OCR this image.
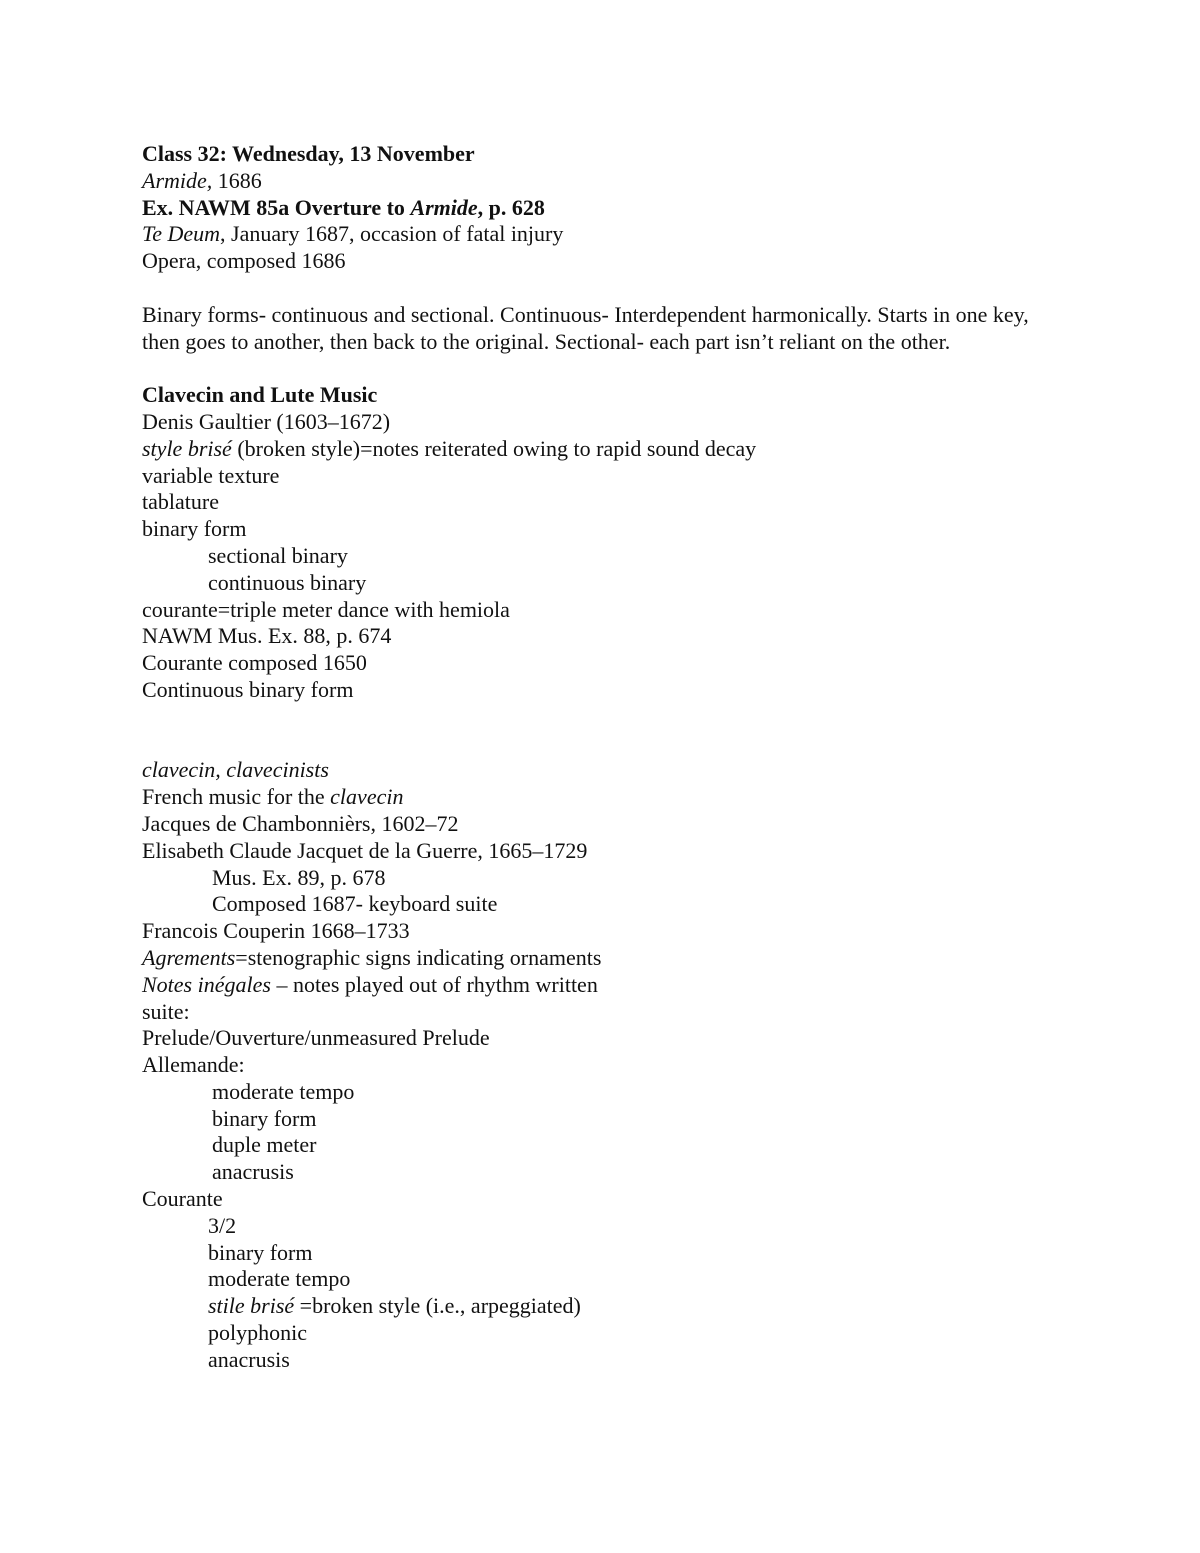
Class 32: Wednesday, 13 November
Armide, 1686
Ex. NAWM 85a Overture to Armide, p. 628
Te Deum, January 1687, occasion of fatal injury
Opera, composed 1686
Binary forms- continuous and sectional. Continuous- Interdependent harmonically. Starts in one key, then goes to another, then back to the original. Sectional- each part isn’t reliant on the other.
Clavecin and Lute Music
Denis Gaultier (1603–1672)
style brisé (broken style)=notes reiterated owing to rapid sound decay
variable texture
tablature
binary form
sectional binary
continuous binary
courante=triple meter dance with hemiola
NAWM Mus. Ex. 88, p. 674
Courante composed 1650
Continuous binary form
clavecin, clavecinists
French music for the clavecin
Jacques de Chambonnièrs, 1602–72
Elisabeth Claude Jacquet de la Guerre, 1665–1729
Mus. Ex. 89, p. 678
Composed 1687- keyboard suite
Francois Couperin 1668–1733
Agrements=stenographic signs indicating ornaments
Notes inégales – notes played out of rhythm written
suite:
Prelude/Ouverture/unmeasured Prelude
Allemande:
moderate tempo
binary form
duple meter
anacrusis
Courante
3/2
binary form
moderate tempo
stile brisé =broken style (i.e., arpeggiated)
polyphonic
anacrusis
